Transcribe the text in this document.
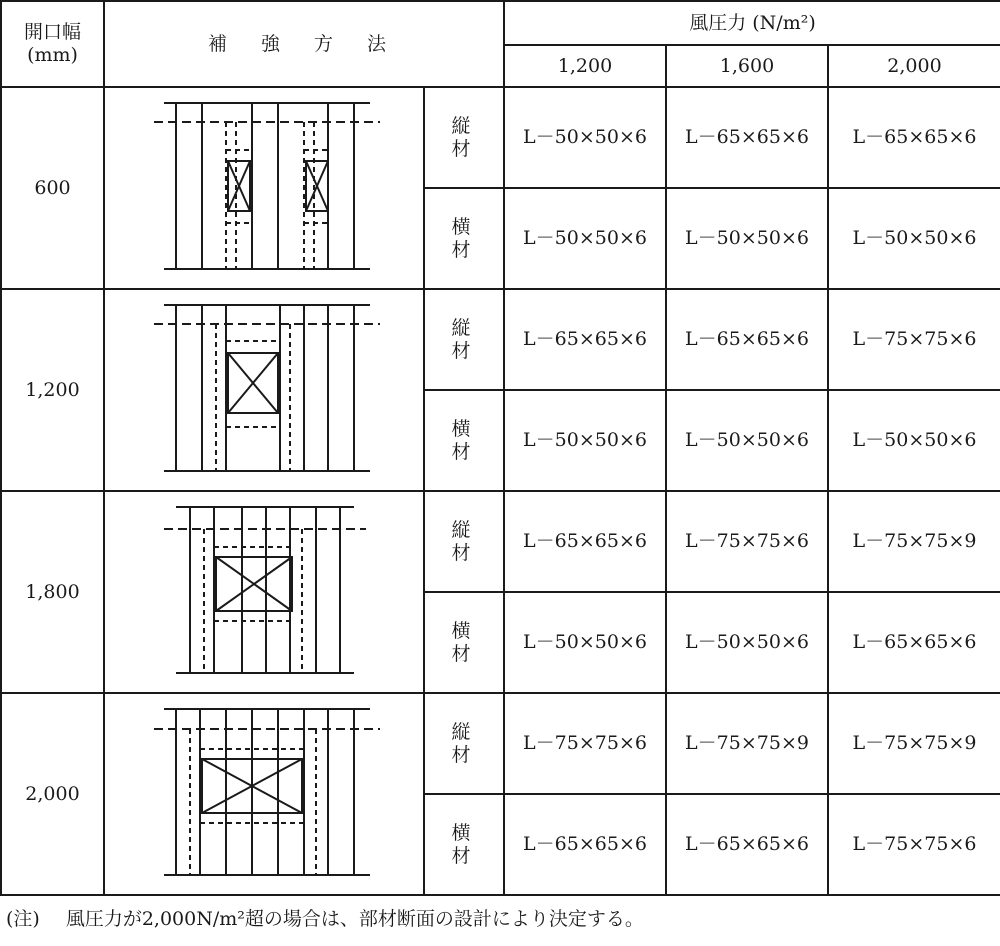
開口幅
(mm)	補 強 方 法		風圧力 (N/m²)		
			1,200	1,600	2,000
600		縦 材	L－50×50×6	L－65×65×6	L－65×65×6
		横 材	L－50×50×6	L－50×50×6	L－50×50×6
1,200		縦 材	L－65×65×6	L－65×65×6	L－75×75×6
		横 材	L－50×50×6	L－50×50×6	L－50×50×6
1,800		縦 材	L－65×65×6	L－75×75×6	L－75×75×9
		横 材	L－50×50×6	L－50×50×6	L－65×65×6
2,000		縦 材	L－75×75×6	L－75×75×9	L－75×75×9
		横 材	L－65×65×6	L－65×65×6	L－75×75×6
(注) 風圧力が2,000N/m²超の場合は、部材断面の設計により決定する。
